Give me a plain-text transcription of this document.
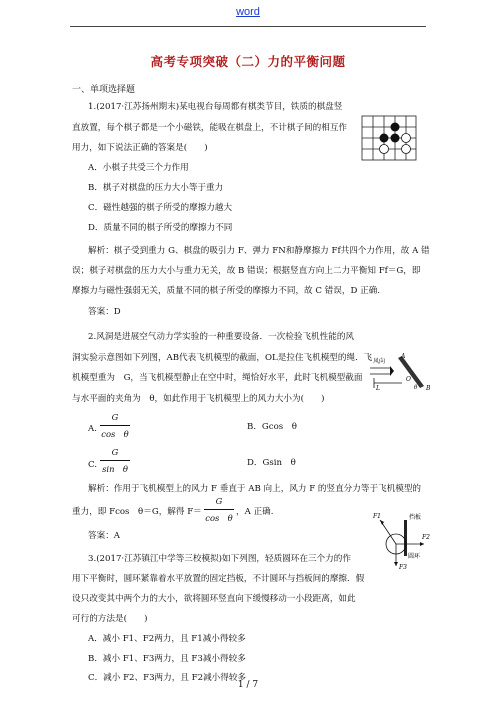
word
高考专项突破（二）力的平衡问题
一、单项选择题
1.(2017·江苏扬州期末)某电视台每周都有棋类节目，铁质的棋盘竖
直放置，每个棋子都是一个小磁铁，能吸在棋盘上，不计棋子间的相互作
用力，如下说法正确的答案是(　　)
A．小棋子共受三个力作用
B．棋子对棋盘的压力大小等于重力
C．磁性越强的棋子所受的摩擦力越大
D．质量不同的棋子所受的摩擦力不同
解析：棋子受到重力 G、棋盘的吸引力 F、弹力 FN和静摩擦力 Ff共四个力作用，故 A 错
误；棋子对棋盘的压力大小与重力无关，故 B 错误；根据竖直方向上二力平衡知 Ff＝G，即
摩擦力与磁性强弱无关，质量不同的棋子所受的摩擦力不同，故 C 错误，D 正确.
答案：D
2.风洞是进展空气动力学实验的一种重要设备．一次检验飞机性能的风
洞实验示意图如下列图，AB代表飞机模型的截面，OL是拉住飞机模型的绳．飞
机模型重为　G，当飞机模型静止在空中时，绳恰好水平，此时飞机模型截面
与水平面的夹角为　θ，如此作用于飞机模型上的风力大小为(　　)
风向
A
O
L	B
θ
A.
G
cos　θ
B．Gcos　θ
C.
G
sin　θ
D．Gsin　θ
解析：作用于飞机模型上的风力 F 垂直于 AB 向上，风力 F 的竖直分力等于飞机模型的
重力，即 Fcos　θ＝G，解得 F＝
G
cos　θ
，A 正确.
答案：A
3.(2017·江苏镇江中学等三校模拟)如下列图，轻质圆环在三个力的作
用下平衡时，圆环紧靠着水平放置的固定挡板，不计圆环与挡板间的摩擦．假
设只改变其中两个力的大小，欲将圆环竖直向下缓慢移动一小段距离，如此
可行的方法是(　　)
A．减小 F1、F2两力，且 F1减小得较多
B．减小 F1、F3两力，且 F3减小得较多
C．减小 F2、F3两力，且 F2减小得较多
F1
F2
F3
挡板
圆环
1 / 7
